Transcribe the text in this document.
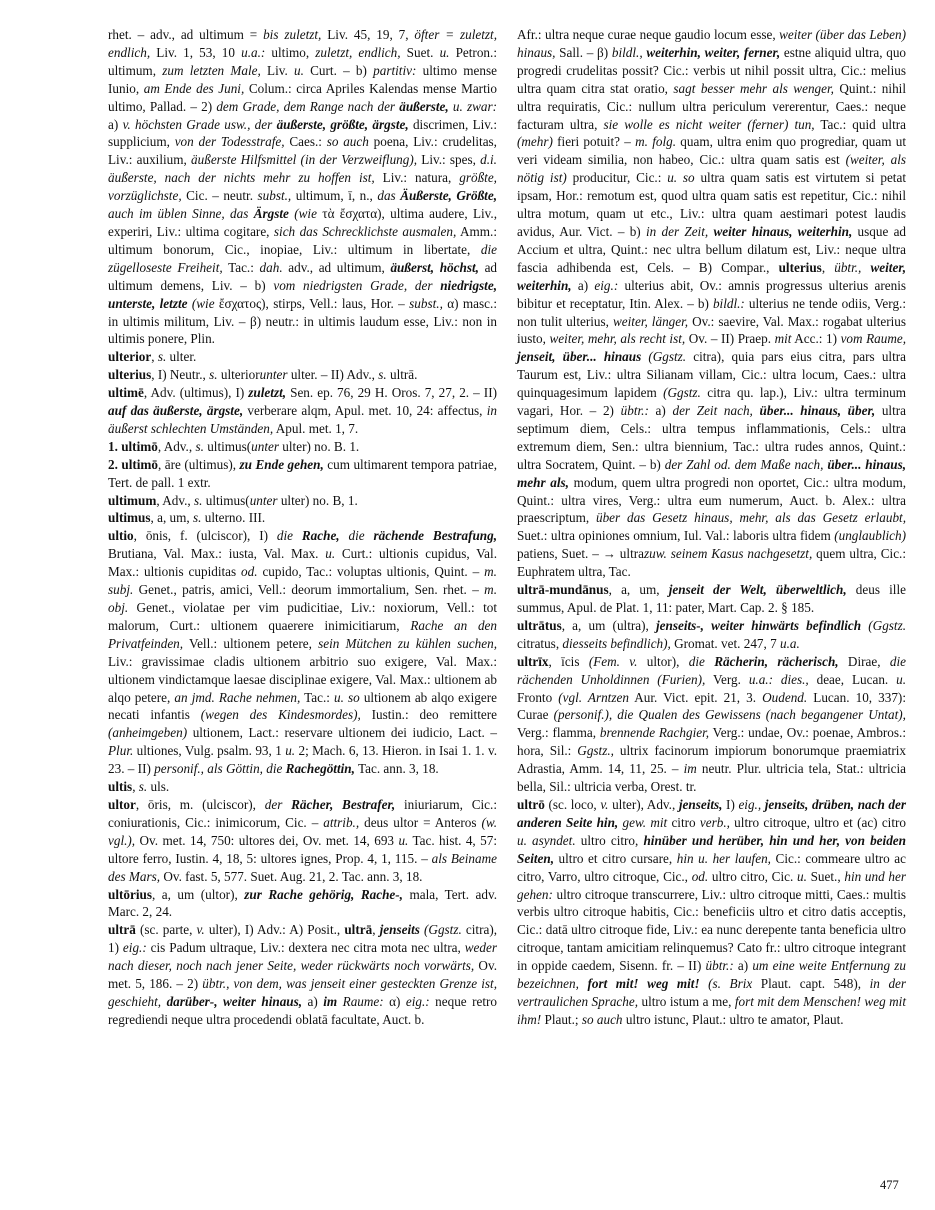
rhet. – adv., ad ultimum = bis zuletzt, Liv. 45, 19, 7, öfter = zuletzt, endlich, Liv. 1, 53, 10 u.a.: ultimo, zuletzt, endlich, Suet. u. Petron.: ultimum, zum letzten Male, Liv. u. Curt. – b) partitiv: ultimo mense Iunio, am Ende des Juni, Colum.: circa Apriles Kalendas mense Martio ultimo, Pallad. – 2) dem Grade, dem Range nach der äußerste, u. zwar: a) v. höchsten Grade usw., der äußerste, größte, ärgste, discrimen, Liv.: supplicium, von der Todesstrafe, Caes.: so auch poena, Liv.: crudelitas, Liv.: auxilium, äußerste Hilfsmittel (in der Verzweiflung), Liv.: spes, d.i. äußerste, nach der nichts mehr zu hoffen ist, Liv.: natura, größte, vorzüglichste, Cic. – neutr. subst., ultimum, ī, n., das Äußerste, Größte, auch im üblen Sinne, das Ärgste (wie τὰ ἔσχατα), ultima audere, Liv., experiri, Liv.: ultima cogitare, sich das Schrecklichste ausmalen, Amm.: ultimum bonorum, Cic., inopiae, Liv.: ultimum in libertate, die zügelloseste Freiheit, Tac.: dah. adv., ad ultimum, äußerst, höchst, ad ultimum demens, Liv. – b) vom niedrigsten Grade, der niedrigste, unterste, letzte (wie ἔσχατος), stirps, Vell.: laus, Hor. – subst., α) masc.: in ultimis militum, Liv. – β) neutr.: in ultimis laudum esse, Liv.: non in ultimis ponere, Plin.

ulterior, s. ulter.

ulterius, I) Neutr., s. ulteriorunter ulter. – II) Adv., s. ultrā.

ultimē, Adv. (ultimus), I) zuletzt, Sen. ep. 76, 29 H. Oros. 7, 27, 2. – II) auf das äußerste, ärgste, verberare alqm, Apul. met. 10, 24: affectus, in äußerst schlechten Umständen, Apul. met. 1, 7.

1. ultimō, Adv., s. ultimus(unter ulter) no. B. 1.

2. ultimō, āre (ultimus), zu Ende gehen, cum ultimarent tempora patriae, Tert. de pall. 1 extr.

ultimum, Adv., s. ultimus(unter ulter) no. B, 1.

ultimus, a, um, s. ulterno. III.

ultio, ōnis, f. (ulciscor), I) die Rache, die rächende Bestrafung, Brutiana, Val. Max.: iusta, Val. Max. u. Curt.: ultionis cupidus, Val. Max.: ultionis cupiditas od. cupido, Tac.: voluptas ultionis, Quint. – m. subj. Genet., patris, amici, Vell.: deorum immortalium, Sen. rhet. – m. obj. Genet., violatae per vim pudicitiae, Liv.: noxiorum, Vell.: tot malorum, Curt.: ultionem quaerere inimicitiarum, Rache an den Privatfeinden, Vell.: ultionem petere, sein Mütchen zu kühlen suchen, Liv.: gravissimae cladis ultionem arbitrio suo exigere, Val. Max.: ultionem vindictamque laesae disciplinae exigere, Val. Max.: ultionem ab alqo petere, an jmd. Rache nehmen, Tac.: u. so ultionem ab alqo exigere necati infantis (wegen des Kindesmordes), Iustin.: deo remittere (anheimgeben) ultionem, Lact.: reservare ultionem dei iudicio, Lact. – Plur. ultiones, Vulg. psalm. 93, 1 u. 2; Mach. 6, 13. Hieron. in Isai 1. 1. v. 23. – II) personif., als Göttin, die Rachegöttin, Tac. ann. 3, 18.

ultis, s. uls.

ultor, ōris, m. (ulciscor), der Rächer, Bestrafer, iniuriarum, Cic.: coniurationis, Cic.: inimicorum, Cic. – attrib., deus ultor = Anteros (w. vgl.), Ov. met. 14, 750: ultores dei, Ov. met. 14, 693 u. Tac. hist. 4, 57: ultore ferro, Iustin. 4, 18, 5: ultores ignes, Prop. 4, 1, 115. – als Beiname des Mars, Ov. fast. 5, 577. Suet. Aug. 21, 2. Tac. ann. 3, 18.

ultōrius, a, um (ultor), zur Rache gehörig, Rache-, mala, Tert. adv. Marc. 2, 24.

ultrā (sc. parte, v. ulter), I) Adv.: A) Posit., ultrā, jenseits (Ggstz. citra), 1) eig.: cis Padum ultraque, Liv.: dextera nec citra mota nec ultra, weder nach dieser, noch nach jener Seite, weder rückwärts noch vorwärts, Ov. met. 5, 186. – 2) übtr., von dem, was jenseit einer gesteckten Grenze ist, geschieht, darüber-, weiter hinaus, a) im Raume: α) eig.: neque retro regrediendi neque ultra procedendi oblatā facultate, Auct. b.

Afr.: ultra neque curae neque gaudio locum esse, weiter (über das Leben) hinaus, Sall. – β) bildl., weiterhin, weiter, ferner, estne aliquid ultra, quo progredi crudelitas possit? Cic.: verbis ut nihil possit ultra, Cic.: melius ultra quam citra stat oratio, sagt besser mehr als wenger, Quint.: nihil ultra requiratis, Cic.: nullum ultra periculum vererentur, Caes.: neque facturam ultra, sie wolle es nicht weiter (ferner) tun, Tac.: quid ultra (mehr) fieri potuit? – m. folg. quam, ultra enim quo progrediar, quam ut veri videam similia, non habeo, Cic.: ultra quam satis est (weiter, als nötig ist) producitur, Cic.: u. so ultra quam satis est virtutem si petat ipsam, Hor.: remotum est, quod ultra quam satis est repetitur, Cic.: nihil ultra motum, quam ut etc., Liv.: ultra quam aestimari potest laudis avidus, Aur. Vict. – b) in der Zeit, weiter hinaus, weiterhin, usque ad Accium et ultra, Quint.: nec ultra bellum dilatum est, Liv.: neque ultra fascia adhibenda est, Cels. – B) Compar., ulterius, übtr., weiter, weiterhin, a) eig.: ulterius abit, Ov.: amnis progressus ulterius arenis bibitur et receptatur, Itin. Alex. – b) bildl.: ulterius ne tende odiis, Verg.: non tulit ulterius, weiter, länger, Ov.: saevire, Val. Max.: rogabat ulterius iusto, weiter, mehr, als recht ist, Ov. – II) Praep. mit Acc.: 1) vom Raume, jenseit, über... hinaus (Ggstz. citra), quia pars eius citra, pars ultra Taurum est, Liv.: ultra Silianam villam, Cic.: ultra locum, Caes.: ultra quinquagesimum lapidem (Ggstz. citra qu. lap.), Liv.: ultra terminum vagari, Hor. – 2) übtr.: a) der Zeit nach, über... hinaus, über, ultra septimum diem, Cels.: ultra tempus inflammationis, Cels.: ultra extremum diem, Sen.: ultra biennium, Tac.: ultra rudes annos, Quint.: ultra Socratem, Quint. – b) der Zahl od. dem Maße nach, über... hinaus, mehr als, modum, quem ultra progredi non oportet, Cic.: ultra modum, Quint.: ultra vires, Verg.: ultra eum numerum, Auct. b. Alex.: ultra praescriptum, über das Gesetz hinaus, mehr, als das Gesetz erlaubt, Suet.: ultra opiniones omnium, Iul. Val.: laboris ultra fidem (unglaublich) patiens, Suet. – → ultrazuw. seinem Kasus nachgesetzt, quem ultra, Cic.: Euphratem ultra, Tac.

ultrā-mundānus, a, um, jenseit der Welt, überweltlich, deus ille summus, Apul. de Plat. 1, 11: pater, Mart. Cap. 2. § 185.

ultrātus, a, um (ultra), jenseits-, weiter hinwärts befindlich (Ggstz. citratus, diesseits befindlich), Gromat. vet. 247, 7 u.a.

ultrīx, īcis (Fem. v. ultor), die Rächerin, rächerisch, Dirae, die rächenden Unholdinnen (Furien), Verg. u.a.: dies., deae, Lucan. u. Fronto (vgl. Arntzen Aur. Vict. epit. 21, 3. Oudend. Lucan. 10, 337): Curae (personif.), die Qualen des Gewissens (nach begangener Untat), Verg.: flamma, brennende Rachgier, Verg.: undae, Ov.: poenae, Ambros.: hora, Sil.: Ggstz., ultrix facinorum impiorum bonorumque praemiatrix Adrastia, Amm. 14, 11, 25. – im neutr. Plur. ultricia tela, Stat.: ultricia bella, Sil.: ultricia verba, Orest. tr.

ultrō (sc. loco, v. ulter), Adv., jenseits, I) eig., jenseits, drüben, nach der anderen Seite hin, gew. mit citro verb., ultro citroque, ultro et (ac) citro u. asyndet. ultro citro, hinüber und herüber, hin und her, von beiden Seiten, ultro et citro cursare, hin u. her laufen, Cic.: commeare ultro ac citro, Varro, ultro citroque, Cic., od. ultro citro, Cic. u. Suet., hin und her gehen: ultro citroque transcurrere, Liv.: ultro citroque mitti, Caes.: multis verbis ultro citroque habitis, Cic.: beneficiis ultro et citro datis acceptis, Cic.: datā ultro citroque fide, Liv.: ea nunc derepente tanta beneficia ultro citroque, tantam amicitiam relinquemus? Cato fr.: ultro citroque integrant in oppide caedem, Sisenn. fr. – II) übtr.: a) um eine weite Entfernung zu bezeichnen, fort mit! weg mit! (s. Brix Plaut. capt. 548), in der vertraulichen Sprache, ultro istum a me, fort mit dem Menschen! weg mit ihm! Plaut.; so auch ultro istunc, Plaut.: ultro te amator, Plaut.

477
